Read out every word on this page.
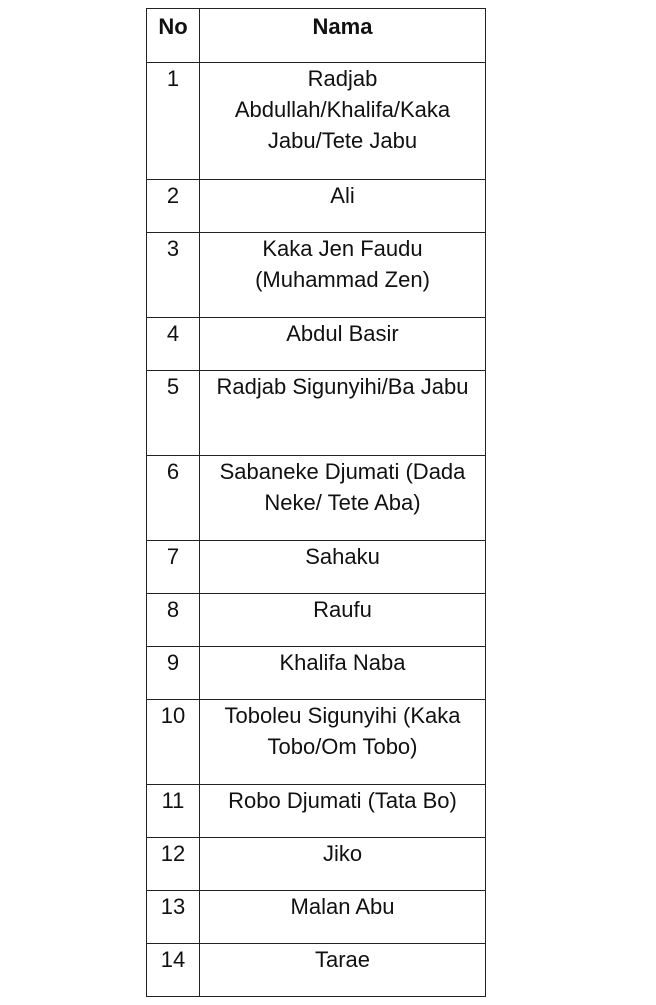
No	Nama
1	Radjab Abdullah/Khalifa/Kaka Jabu/Tete Jabu
2	Ali
3	Kaka Jen Faudu (Muhammad Zen)
4	Abdul Basir
5	Radjab Sigunyihi/Ba Jabu
6	Sabaneke Djumati (Dada Neke/ Tete Aba)
7	Sahaku
8	Raufu
9	Khalifa Naba
10	Toboleu Sigunyihi (Kaka Tobo/Om Tobo)
11	Robo Djumati (Tata Bo)
12	Jiko
13	Malan Abu
14	Tarae
